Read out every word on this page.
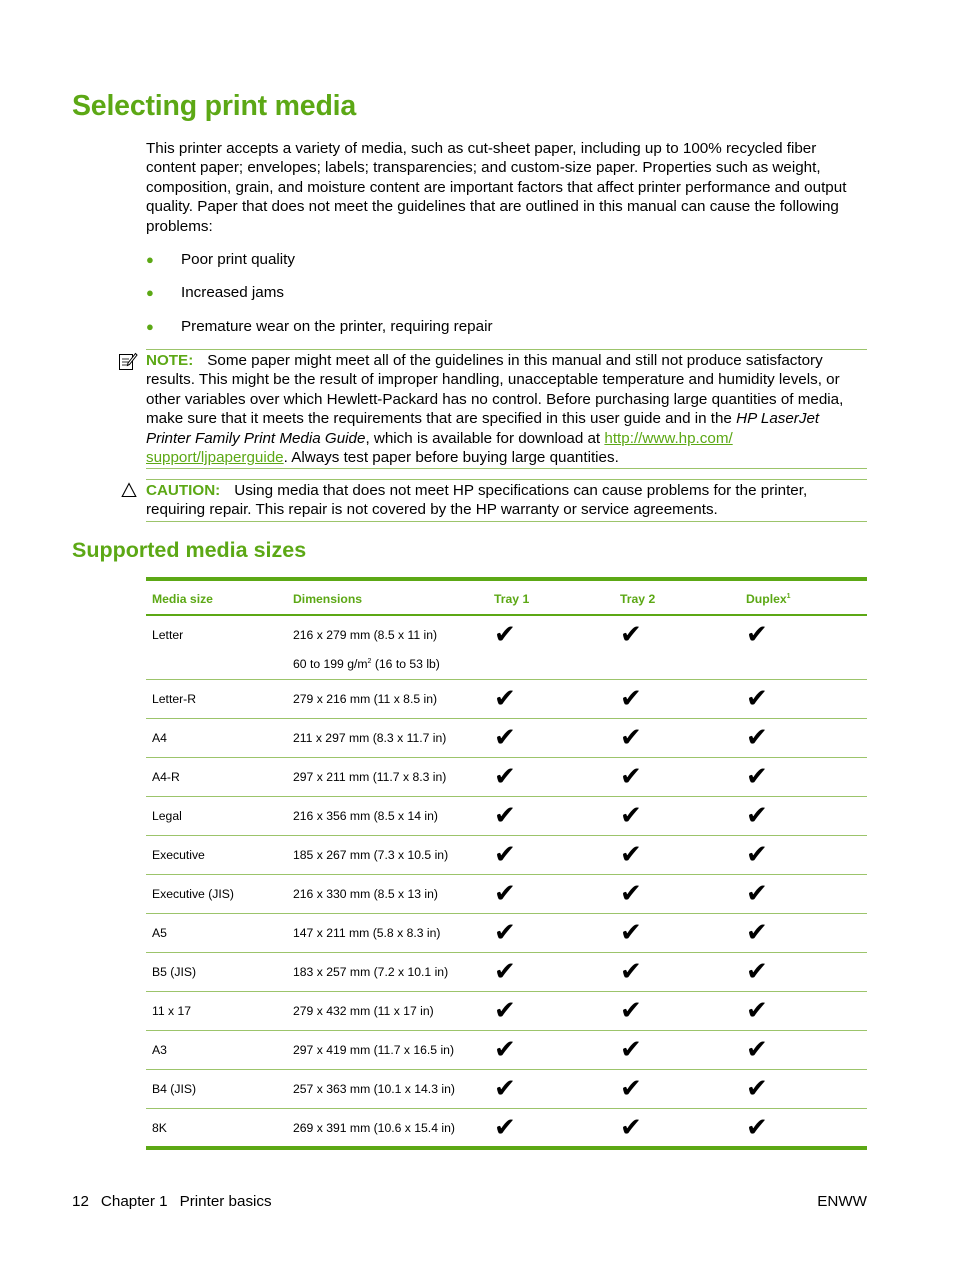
Selecting print media

This printer accepts a variety of media, such as cut-sheet paper, including up to 100% recycled fiber content paper; envelopes; labels; transparencies; and custom-size paper. Properties such as weight, composition, grain, and moisture content are important factors that affect printer performance and output quality. Paper that does not meet the guidelines that are outlined in this manual can cause the following problems:

● Poor print quality
● Increased jams
● Premature wear on the printer, requiring repair
NOTE: Some paper might meet all of the guidelines in this manual and still not produce satisfactory results. This might be the result of improper handling, unacceptable temperature and humidity levels, or other variables over which Hewlett-Packard has no control. Before purchasing large quantities of media, make sure that it meets the requirements that are specified in this user guide and in the HP LaserJet Printer Family Print Media Guide, which is available for download at http://www.hp.com/ support/ljpaperguide. Always test paper before buying large quantities.
CAUTION: Using media that does not meet HP specifications can cause problems for the printer, requiring repair. This repair is not covered by the HP warranty or service agreements.
Supported media sizes
Media size	Dimensions	Tray 1	Tray 2	Duplex$^1$

Letter	216 x 279 mm (8.5 x 11 in)
60 to 199 $g/m^2$ (16 to 53 lb)	✔	✔	✔

Letter-R	279 x 216 mm (11 x 8.5 in)	✔	✔	✔

A4	211 x 297 mm (8.3 x 11.7 in)	✔	✔	✔

A4-R	297 x 211 mm (11.7 x 8.3 in)	✔	✔	✔

Legal	216 x 356 mm (8.5 x 14 in)	✔	✔	✔

Executive	185 x 267 mm (7.3 x 10.5 in)	✔	✔	✔

Executive (JIS)	216 x 330 mm (8.5 x 13 in)	✔	✔	✔

A5	147 x 211 mm (5.8 x 8.3 in)	✔	✔	✔

B5 (JIS)	183 x 257 mm (7.2 x 10.1 in)	✔	✔	✔

11 x 17	279 x 432 mm (11 x 17 in)	✔	✔	✔

A3	297 x 419 mm (11.7 x 16.5 in)	✔	✔	✔

B4 (JIS)	257 x 363 mm (10.1 x 14.3 in)	✔	✔	✔

8K	269 x 391 mm (10.6 x 15.4 in)	✔	✔	✔
12 Chapter 1 Printer basics	ENWW
